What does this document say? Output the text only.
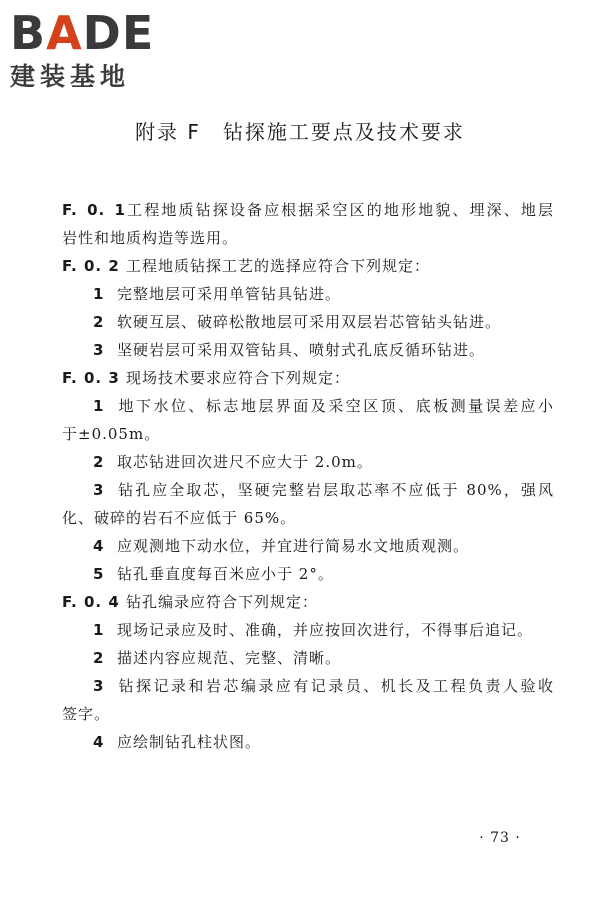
BADE
建装基地
附录 F 钻探施工要点及技术要求
F. 0. 1工程地质钻探设备应根据采空区的地形地貌、埋深、地层
岩性和地质构造等选用。
F. 0. 2 工程地质钻探工艺的选择应符合下列规定：
1 完整地层可采用单管钻具钻进。
2 软硬互层、破碎松散地层可采用双层岩芯管钻头钻进。
3 坚硬岩层可采用双管钻具、喷射式孔底反循环钻进。
F. 0. 3 现场技术要求应符合下列规定：
1 地下水位、标志地层界面及采空区顶、底板测量误差应小
于±0.05m。
2 取芯钻进回次进尺不应大于 2.0m。
3 钻孔应全取芯，坚硬完整岩层取芯率不应低于 80%，强风
化、破碎的岩石不应低于 65%。
4 应观测地下动水位，并宜进行简易水文地质观测。
5 钻孔垂直度每百米应小于 2°。
F. 0. 4 钻孔编录应符合下列规定：
1 现场记录应及时、准确，并应按回次进行，不得事后追记。
2 描述内容应规范、完整、清晰。
3 钻探记录和岩芯编录应有记录员、机长及工程负责人验收
签字。
4 应绘制钻孔柱状图。
· 73 ·
